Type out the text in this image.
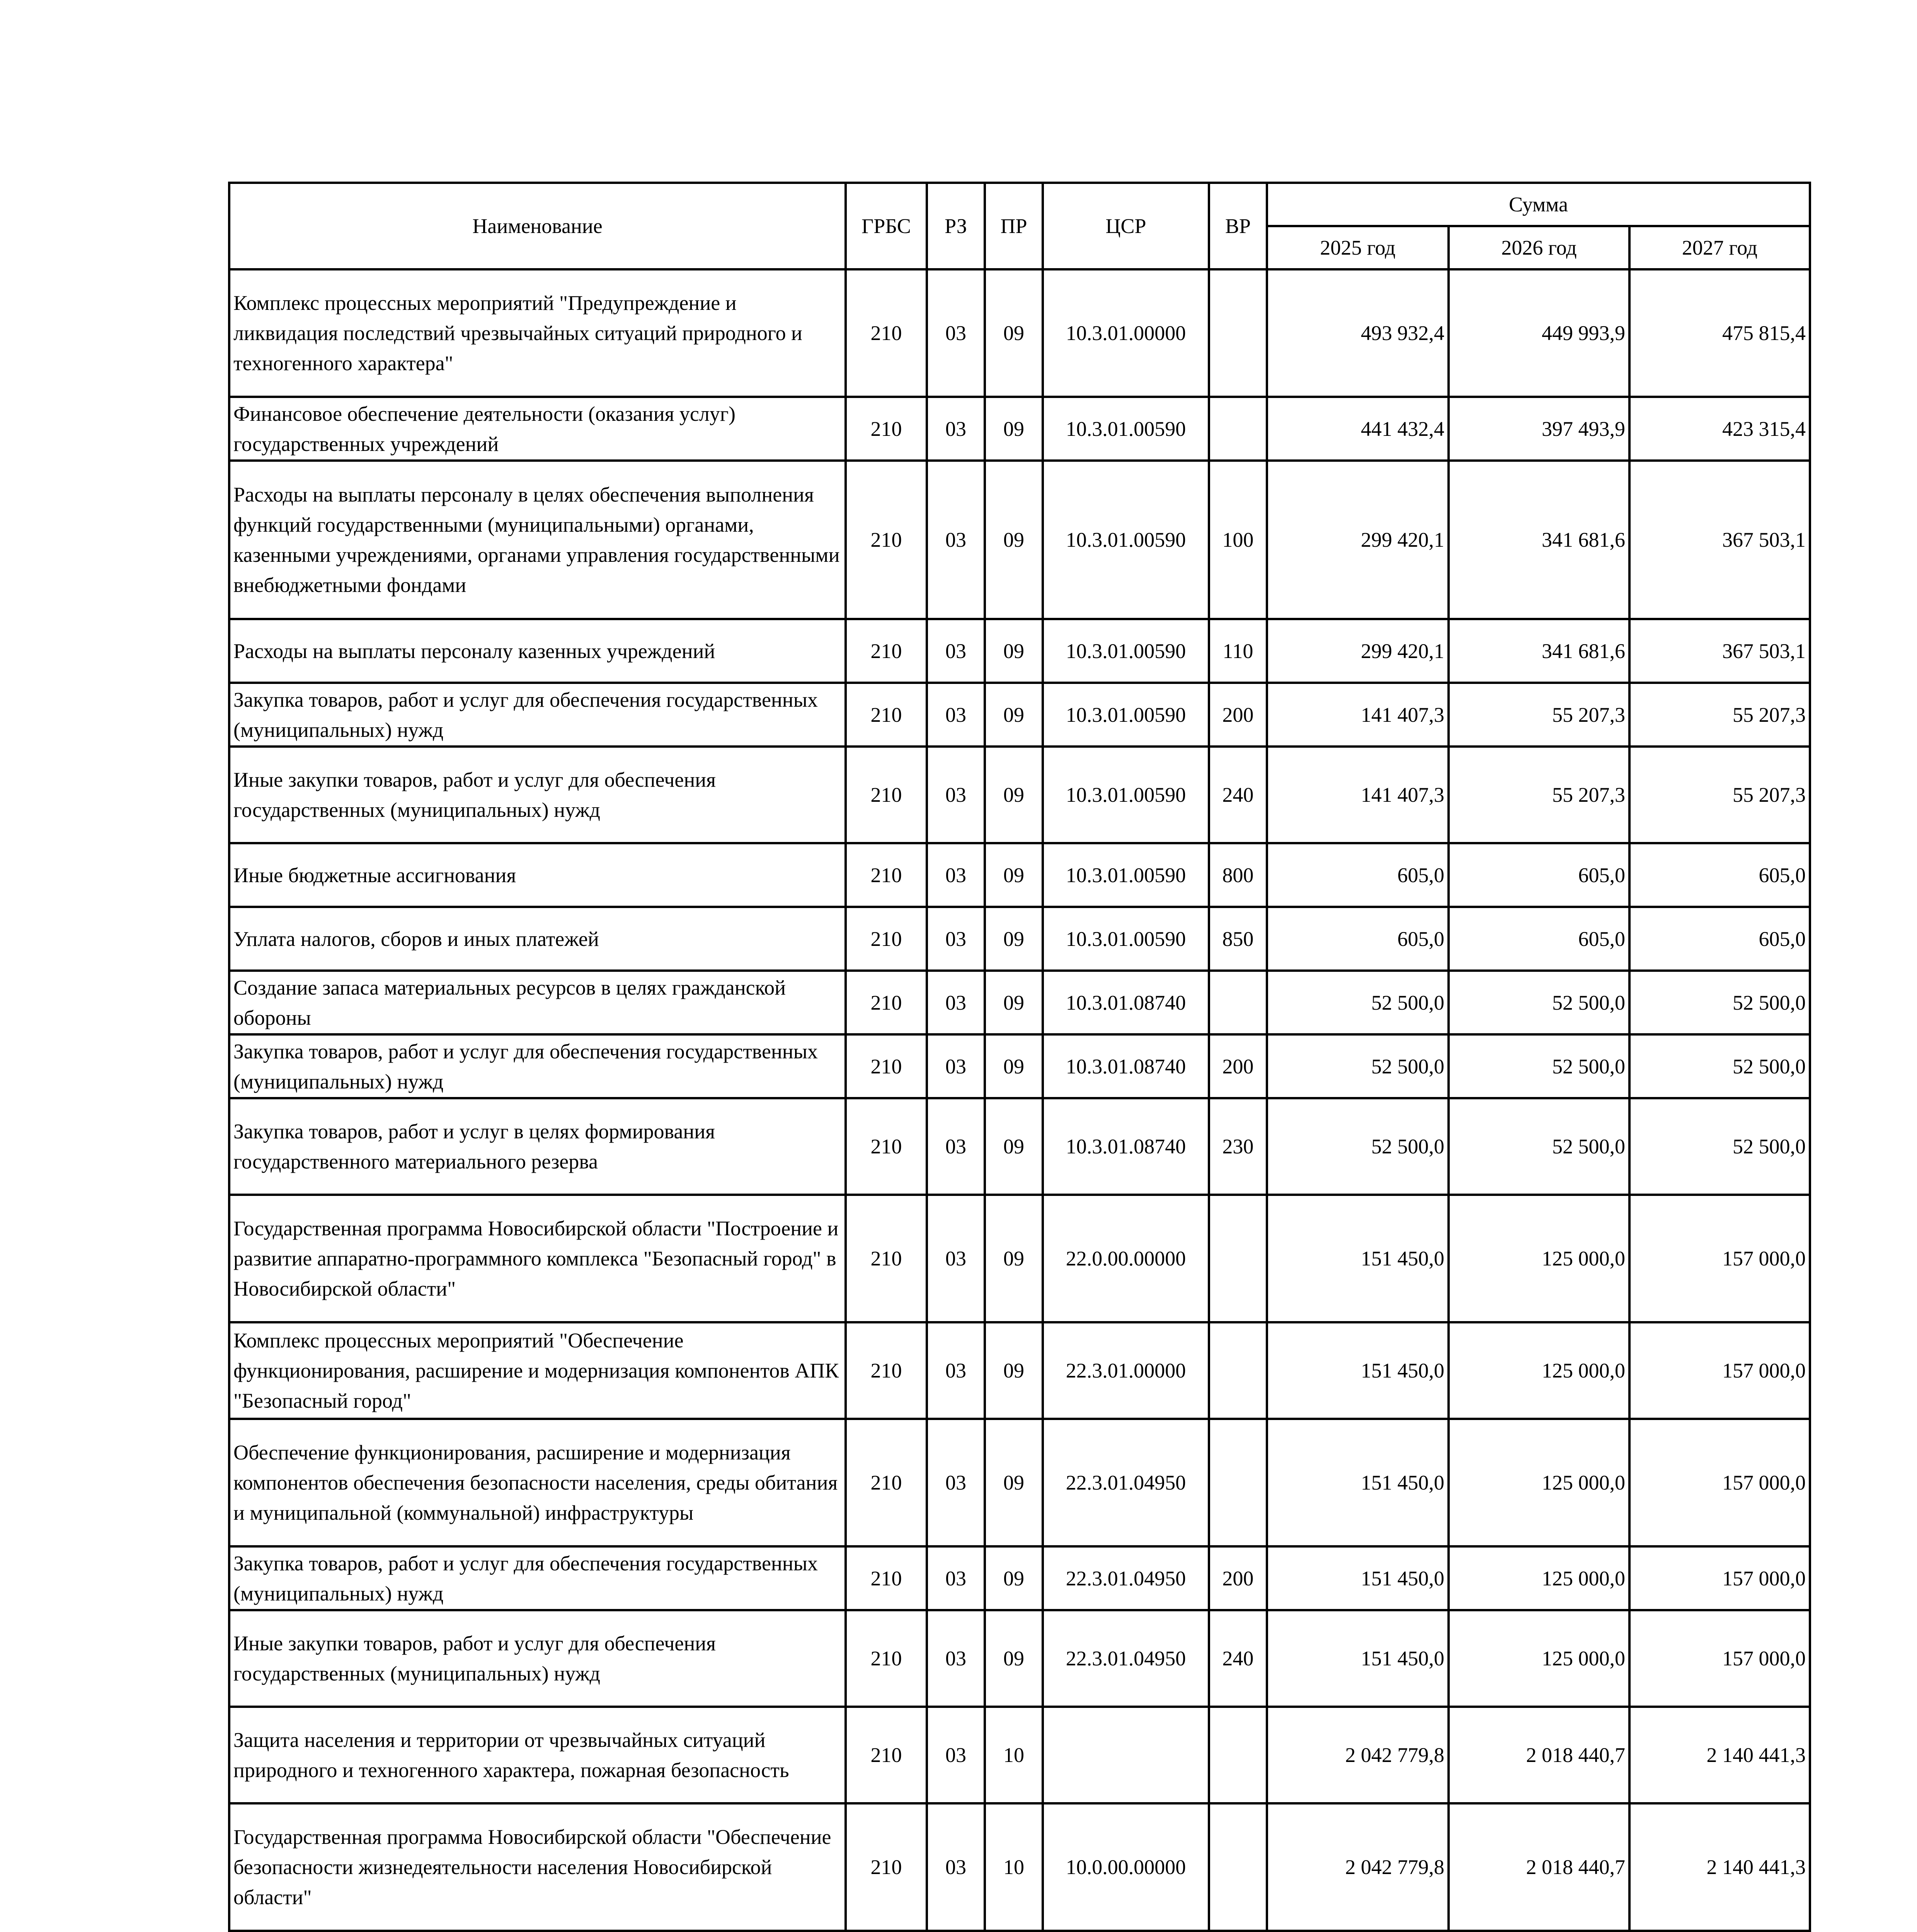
Наименование	ГРБС	РЗ	ПР	ЦСР	ВР	Сумма		
						2025 год	2026 год	2027 год
Комплекс процессных мероприятий "Предупреждение и ликвидация последствий чрезвычайных ситуаций природного и техногенного характера"	210	03	09	10.3.01.00000		493 932,4	449 993,9	475 815,4
Финансовое обеспечение деятельности (оказания услуг) государственных учреждений	210	03	09	10.3.01.00590		441 432,4	397 493,9	423 315,4
Расходы на выплаты персоналу в целях обеспечения выполнения функций государственными (муниципальными) органами, казенными учреждениями, органами управления государственными внебюджетными фондами	210	03	09	10.3.01.00590	100	299 420,1	341 681,6	367 503,1
Расходы на выплаты персоналу казенных учреждений	210	03	09	10.3.01.00590	110	299 420,1	341 681,6	367 503,1
Закупка товаров, работ и услуг для обеспечения государственных (муниципальных) нужд	210	03	09	10.3.01.00590	200	141 407,3	55 207,3	55 207,3
Иные закупки товаров, работ и услуг для обеспечения государственных (муниципальных) нужд	210	03	09	10.3.01.00590	240	141 407,3	55 207,3	55 207,3
Иные бюджетные ассигнования	210	03	09	10.3.01.00590	800	605,0	605,0	605,0
Уплата налогов, сборов и иных платежей	210	03	09	10.3.01.00590	850	605,0	605,0	605,0
Создание запаса материальных ресурсов в целях гражданской обороны	210	03	09	10.3.01.08740		52 500,0	52 500,0	52 500,0
Закупка товаров, работ и услуг для обеспечения государственных (муниципальных) нужд	210	03	09	10.3.01.08740	200	52 500,0	52 500,0	52 500,0
Закупка товаров, работ и услуг в целях формирования государственного материального резерва	210	03	09	10.3.01.08740	230	52 500,0	52 500,0	52 500,0
Государственная программа Новосибирской области "Построение и развитие аппаратно-программного комплекса "Безопасный город" в Новосибирской области"	210	03	09	22.0.00.00000		151 450,0	125 000,0	157 000,0
Комплекс процессных мероприятий "Обеспечение функционирования, расширение и модернизация компонентов АПК "Безопасный город"	210	03	09	22.3.01.00000		151 450,0	125 000,0	157 000,0
Обеспечение функционирования, расширение и модернизация компонентов обеспечения безопасности населения, среды обитания и муниципальной (коммунальной) инфраструктуры	210	03	09	22.3.01.04950		151 450,0	125 000,0	157 000,0
Закупка товаров, работ и услуг для обеспечения государственных (муниципальных) нужд	210	03	09	22.3.01.04950	200	151 450,0	125 000,0	157 000,0
Иные закупки товаров, работ и услуг для обеспечения государственных (муниципальных) нужд	210	03	09	22.3.01.04950	240	151 450,0	125 000,0	157 000,0
Защита населения и территории от чрезвычайных ситуаций природного и техногенного характера, пожарная безопасность	210	03	10			2 042 779,8	2 018 440,7	2 140 441,3
Государственная программа Новосибирской области "Обеспечение безопасности жизнедеятельности населения Новосибирской области"	210	03	10	10.0.00.00000		2 042 779,8	2 018 440,7	2 140 441,3
